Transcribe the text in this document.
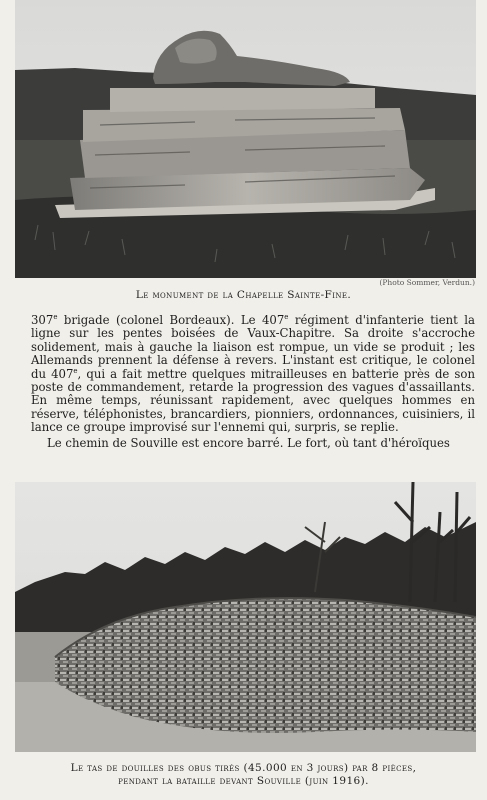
(Photo Sommer, Verdun.)
Le monument de la Chapelle Sainte-Fine.

307e brigade (colonel Bordeaux). Le 407e régiment d'infanterie tient la ligne sur les pentes boisées de Vaux-Chapitre. Sa droite s'accroche solidement, mais à gauche la liaison est rompue, un vide se produit ; les Allemands prennent la défense à revers. L'instant est critique, le colonel du 407e, qui a fait mettre quelques mitrailleuses en batterie près de son poste de commandement, retarde la progression des vagues d'assaillants. En même temps, réunissant rapidement, avec quelques hommes en réserve, téléphonistes, brancardiers, pionniers, ordonnances, cuisiniers, il lance ce groupe improvisé sur l'ennemi qui, surpris, se replie.

Le chemin de Souville est encore barré. Le fort, où tant d'héroïques

Le tas de douilles des obus tirés (45.000 en 3 jours) par 8 pièces,
pendant la bataille devant Souville (juin 1916).
